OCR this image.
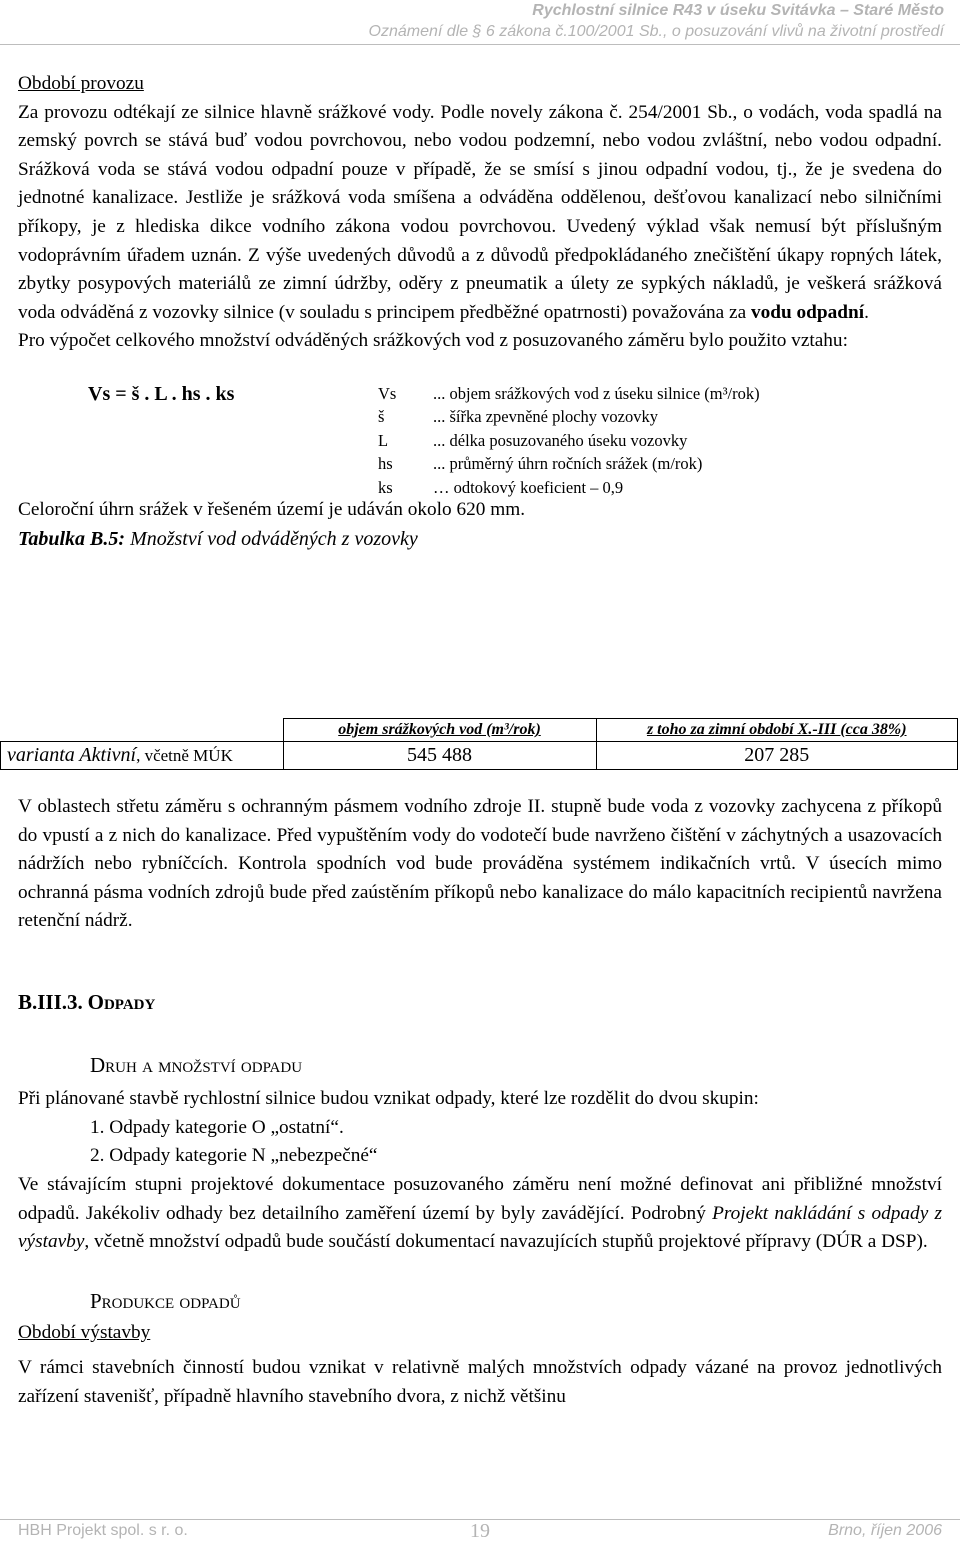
Rychlostní silnice R43 v úseku Svitávka – Staré Město
Oznámení dle § 6 zákona č.100/2001 Sb., o posuzování vlivů na životní prostředí

Období provozu

Za provozu odtékají ze silnice hlavně srážkové vody. Podle novely zákona č. 254/2001 Sb., o vodách, voda spadlá na zemský povrch se stává buď vodou povrchovou, nebo vodou podzemní, nebo vodou zvláštní, nebo vodou odpadní. Srážková voda se stává vodou odpadní pouze v případě, že se smísí s jinou odpadní vodou, tj., že je svedena do jednotné kanalizace. Jestliže je srážková voda smíšena a odváděna oddělenou, dešťovou kanalizací nebo silničními příkopy, je z hlediska dikce vodního zákona vodou povrchovou. Uvedený výklad však nemusí být příslušným vodoprávním úřadem uznán. Z výše uvedených důvodů a z důvodů předpokládaného znečištění úkapy ropných látek, zbytky posypových materiálů ze zimní údržby, oděry z pneumatik a úlety ze sypkých nákladů, je veškerá srážková voda odváděná z vozovky silnice (v souladu s principem předběžné opatrnosti) považována za vodu odpadní.

Pro výpočet celkového množství odváděných srážkových vod z posuzovaného záměru bylo použito vztahu:

Vs = š . L . hs . ks	Vs ... objem srážkových vod z úseku silnice (m³/rok)
š	... šířka zpevněné plochy vozovky
L	... délka posuzovaného úseku vozovky
hs ... průměrný úhrn ročních srážek (m/rok)
ks … odtokový koeficient – 0,9

Celoroční úhrn srážek v řešeném území je udáván okolo 620 mm.

Tabulka B.5: Množství vod odváděných z vozovky

	objem srážkových vod (m³/rok)	z toho za zimní období X.-III (cca 38%)
varianta Aktivní, včetně MÚK	545 488	207 285

V oblastech střetu záměru s ochranným pásmem vodního zdroje II. stupně bude voda z vozovky zachycena z příkopů do vpustí a z nich do kanalizace. Před vypuštěním vody do vodotečí bude navrženo čištění v záchytných a usazovacích nádržích nebo rybníčcích. Kontrola spodních vod bude prováděna systémem indikačních vrtů. V úsecích mimo ochranná pásma vodních zdrojů bude před zaústěním příkopů nebo kanalizace do málo kapacitních recipientů navržena retenční nádrž.

B.III.3. Odpady

Druh a množství odpadu

Při plánované stavbě rychlostní silnice budou vznikat odpady, které lze rozdělit do dvou skupin:

1. Odpady kategorie O „ostatní“.

2. Odpady kategorie N „nebezpečné“

Ve stávajícím stupni projektové dokumentace posuzovaného záměru není možné definovat ani přibližné množství odpadů. Jakékoliv odhady bez detailního zaměření území by byly zavádějící. Podrobný Projekt nakládání s odpady z výstavby, včetně množství odpadů bude součástí dokumentací navazujících stupňů projektové přípravy (DÚR a DSP).

Produkce odpadů

Období výstavby

V rámci stavebních činností budou vznikat v relativně malých množstvích odpady vázané na provoz jednotlivých zařízení stavenišť, případně hlavního stavebního dvora, z nichž většinu

HBH Projekt spol. s r. o.	19	Brno, říjen 2006
